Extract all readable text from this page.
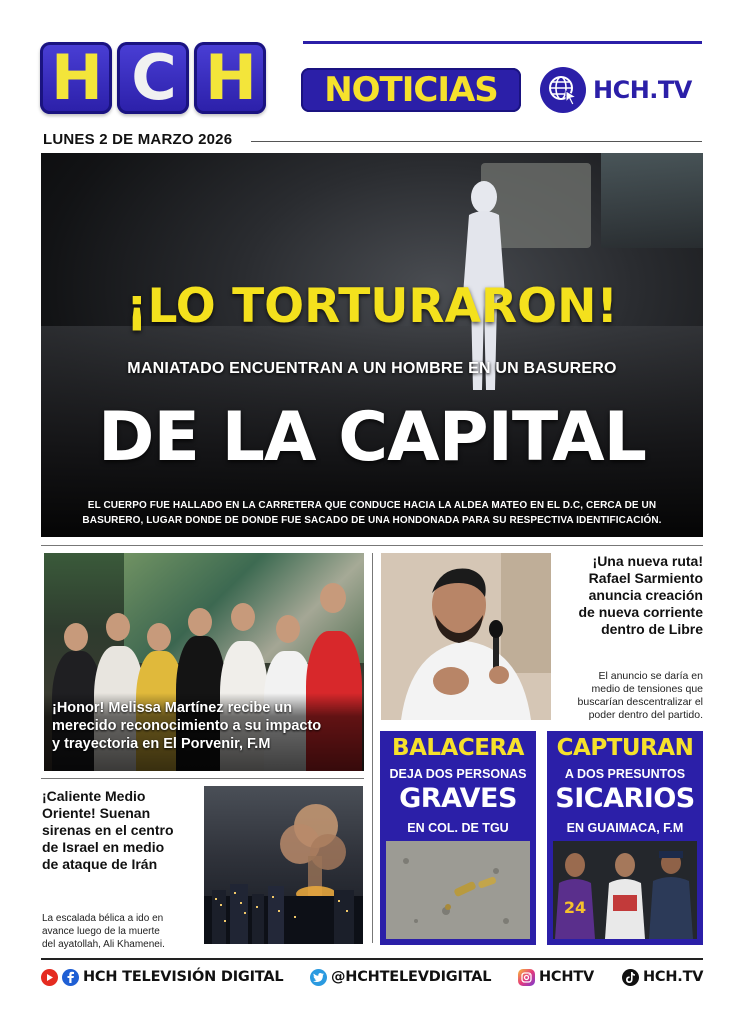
H C H NOTICIAS	HCH.TV
LUNES 2 DE MARZO 2026
¡LO TORTURARON!
MANIATADO ENCUENTRAN A UN HOMBRE EN UN BASURERO
DE LA CAPITAL
EL CUERPO FUE HALLADO EN LA CARRETERA QUE CONDUCE HACIA LA ALDEA MATEO EN EL D.C, CERCA DE UN
BASURERO, LUGAR DONDE DE DONDE FUE SACADO DE UNA HONDONADA PARA SU RESPECTIVA IDENTIFICACIÓN.
¡Honor! Melissa Martínez recibe un
merecido reconocimiento a su impacto
y trayectoria en El Porvenir, F.M
¡Una nueva ruta!
Rafael Sarmiento
anuncia creación
de nueva corriente
dentro de Libre
El anuncio se daría en
medio de tensiones que
buscarían descentralizar el
poder dentro del partido.
¡Caliente Medio
Oriente! Suenan
sirenas en el centro
de Israel en medio
de ataque de Irán
La escalada bélica a ido en
avance luego de la muerte
del ayatollah, Ali Khamenei.
BALACERA
DEJA DOS PERSONAS
GRAVES
EN COL. DE TGU
CAPTURAN
A DOS PRESUNTOS
SICARIOS
EN GUAIMACA, F.M
24
HCH TELEVISIÓN DIGITAL	@HCHTELEVDIGITAL	HCHTV	HCH.TV
